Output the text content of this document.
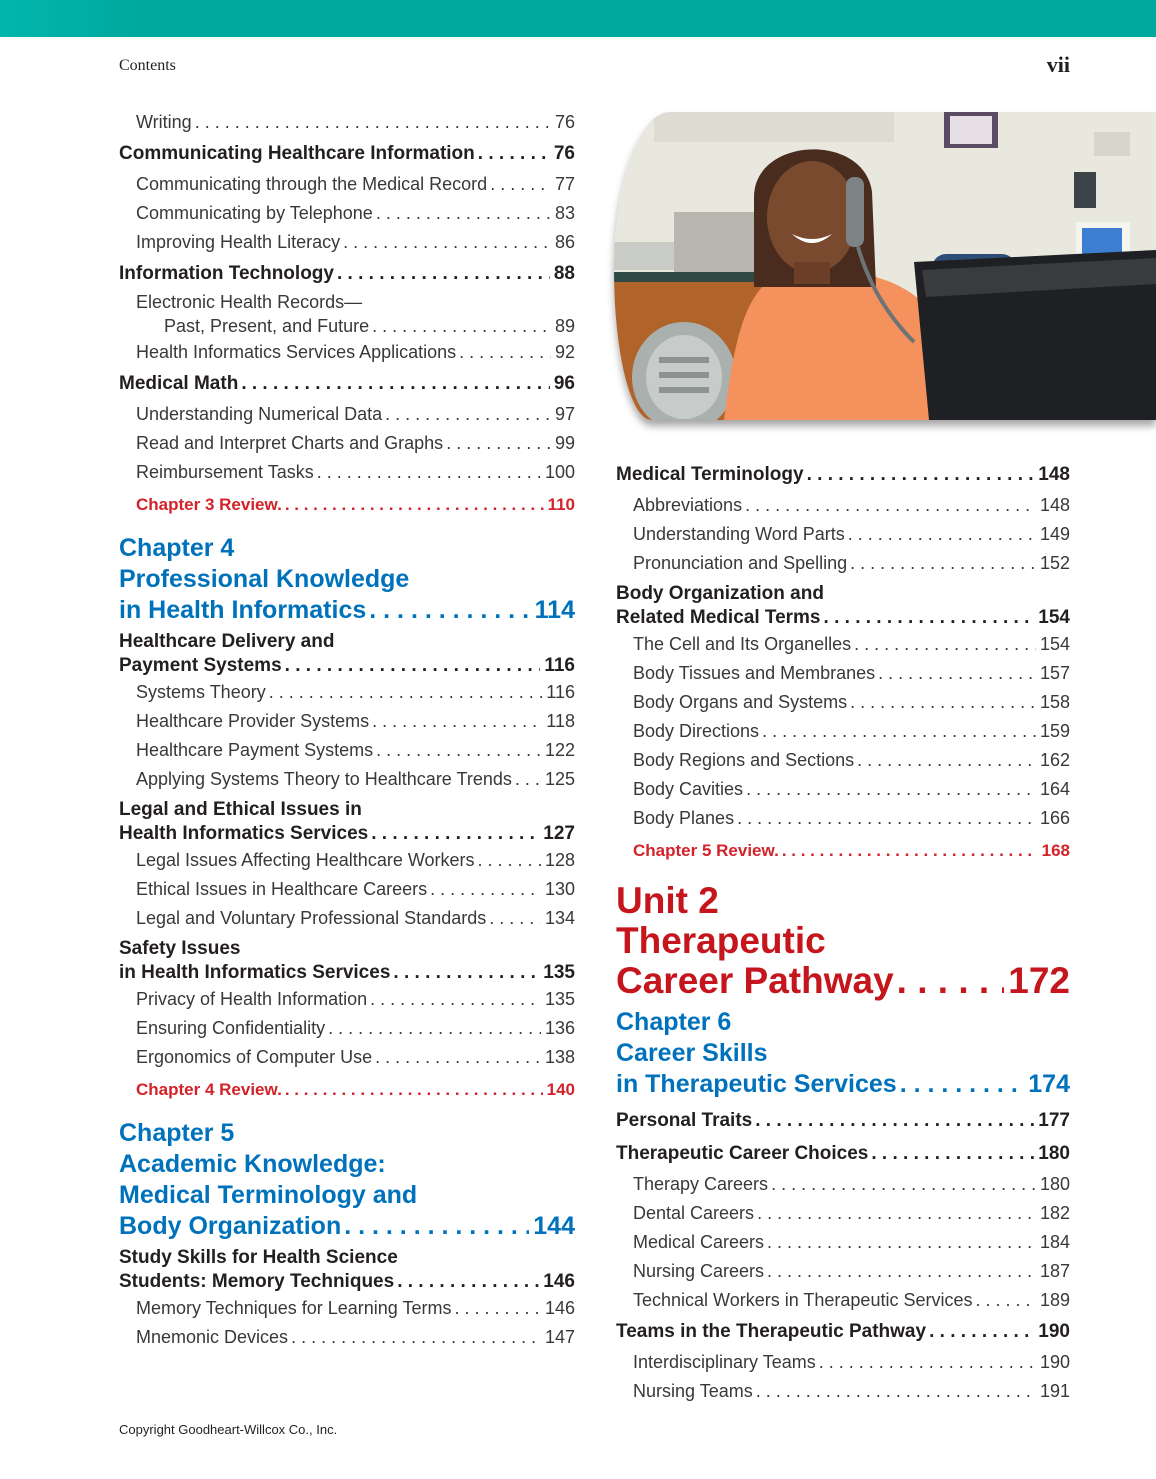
Contents	vii
Writing . . .	76
Communicating Healthcare Information . . .	76
Communicating through the Medical Record . . .	77
Communicating by Telephone . . .	83
Improving Health Literacy . . .	86
Information Technology . . .	88
Electronic Health Records—
Past, Present, and Future . . .	89
Health Informatics Services Applications . . .	92
Medical Math . . .	96
Understanding Numerical Data . . .	97
Read and Interpret Charts and Graphs . . .	99
Reimbursement Tasks . . .	100
Chapter 3 Review. . . .	110
Chapter 4
Professional Knowledge
in Health Informatics . . .	114
Healthcare Delivery and
Payment Systems . . .	116
Systems Theory . . .	116
Healthcare Provider Systems . . .	118
Healthcare Payment Systems . . .	122
Applying Systems Theory to Healthcare Trends . . . 125
Legal and Ethical Issues in
Health Informatics Services . . .	127
Legal Issues Affecting Healthcare Workers . . .	128
Ethical Issues in Healthcare Careers . . .	130
Legal and Voluntary Professional Standards . . .	134
Safety Issues
in Health Informatics Services . . .	135
Privacy of Health Information . . .	135
Ensuring Confidentiality . . .	136
Ergonomics of Computer Use . . .	138
Chapter 4 Review. . . .	140
Chapter 5
Academic Knowledge:
Medical Terminology and
Body Organization . . .	144
Study Skills for Health Science
Students: Memory Techniques . . .	146
Memory Techniques for Learning Terms . . .	146
Mnemonic Devices . . .	147
Medical Terminology . . .	148
Abbreviations . . .	148
Understanding Word Parts . . .	149
Pronunciation and Spelling . . .	152
Body Organization and
Related Medical Terms . . .	154
The Cell and Its Organelles . . .	154
Body Tissues and Membranes . . .	157
Body Organs and Systems . . .	158
Body Directions . . .	159
Body Regions and Sections . . .	162
Body Cavities . . .	164
Body Planes . . .	166
Chapter 5 Review. . . .	168
Unit 2
Therapeutic
Career Pathway . . .	172
Chapter 6
Career Skills
in Therapeutic Services . . .	174
Personal Traits . . .	177
Therapeutic Career Choices . . .	180
Therapy Careers . . .	180
Dental Careers . . .	182
Medical Careers . . .	184
Nursing Careers . . .	187
Technical Workers in Therapeutic Services . . .	189
Teams in the Therapeutic Pathway . . .	190
Interdisciplinary Teams . . .	190
Nursing Teams . . .	191
Copyright Goodheart-Willcox Co., Inc.
